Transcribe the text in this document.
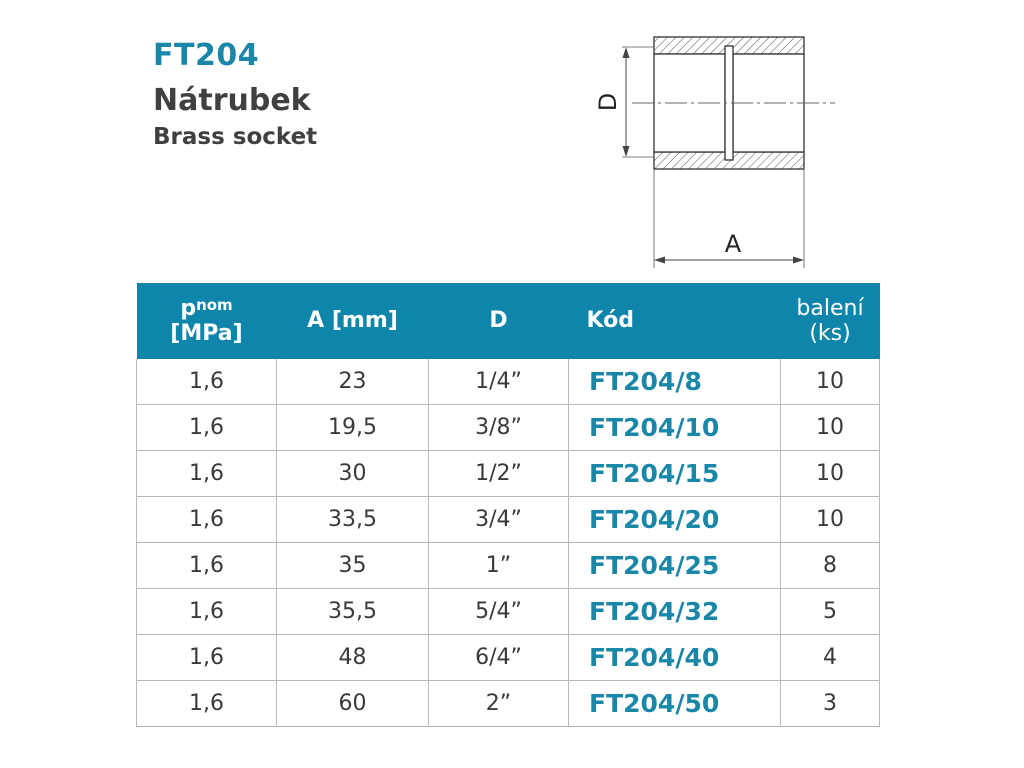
FT204
Nátrubek
Brass socket
D
A
$p^{nom}$
[MPa]	A [mm]	D	Kód	balení
(ks)
1,6	23	1/4”	FT204/8	10
1,6	19,5	3/8”	FT204/10	10
1,6	30	1/2”	FT204/15	10
1,6	33,5	3/4”	FT204/20	10
1,6	35	1”	FT204/25	8
1,6	35,5	5/4”	FT204/32	5
1,6	48	6/4”	FT204/40	4
1,6	60	2”	FT204/50	3
